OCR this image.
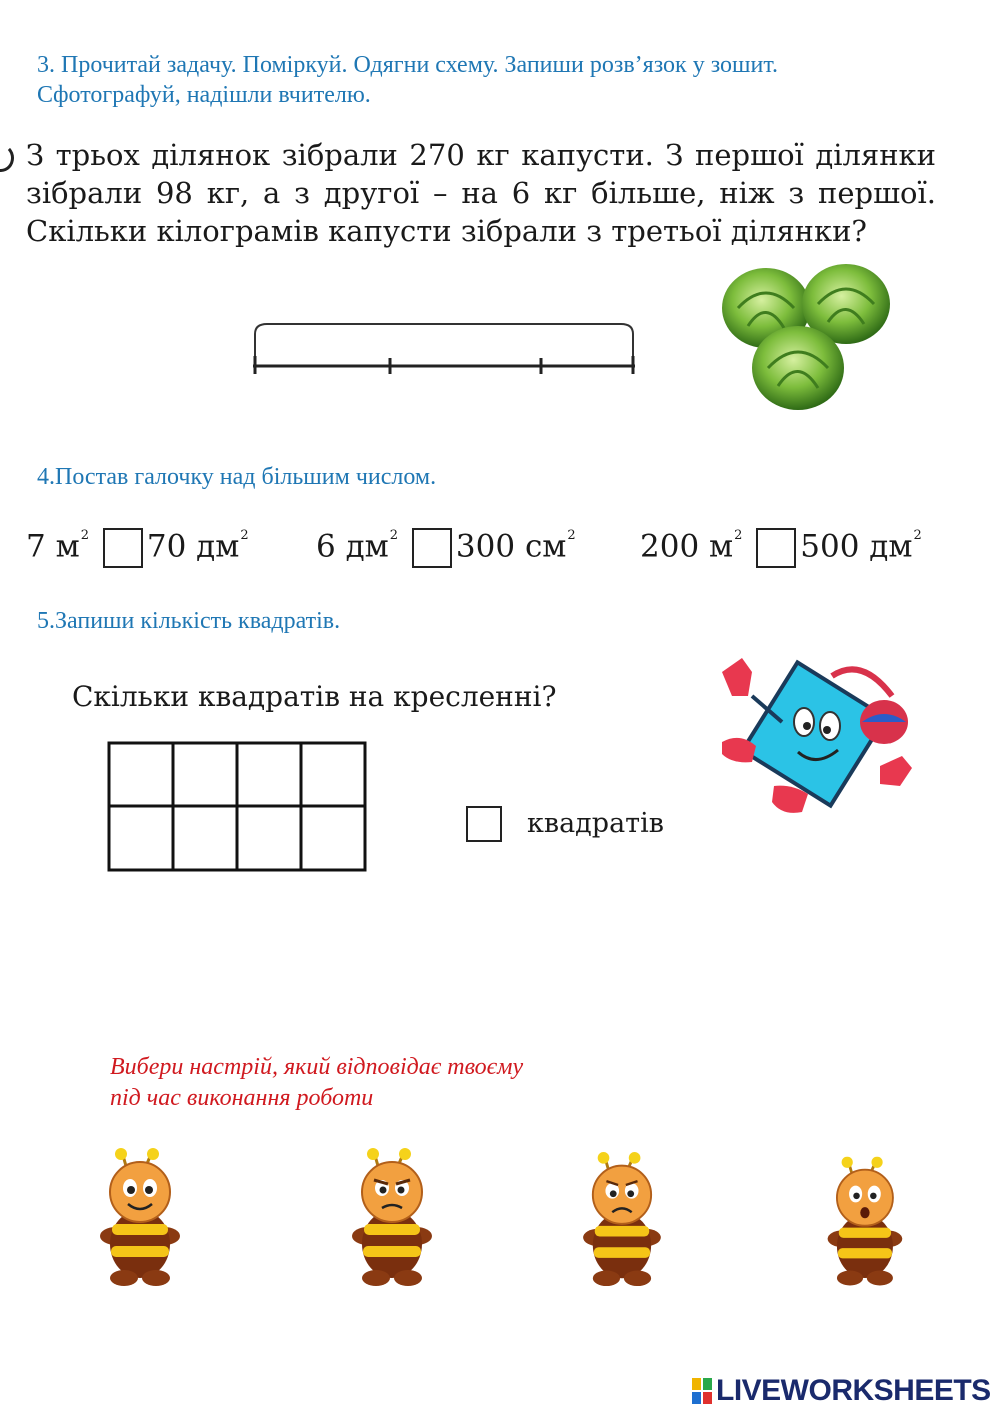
3. Прочитай задачу. Поміркуй. Одягни схему. Запиши розв’язок у зошит.
Сфотографуй, надішли вчителю.
З трьох ділянок зібрали 270 кг капусти. З першої ділянки зібрали 98 кг, а з другої – на 6 кг більше, ніж з першої. Скільки кілограмів капусти зібрали з третьої ділянки?
4.Постав галочку над більшим числом.
7 $м^2$ 70 $дм^2$ 6 $дм^2$ 300 $см^2$ 200 $м^2$ 500 $дм^2$
5.Запиши кількість квадратів.
Скільки квадратів на кресленні?
квадратів
Вибери настрій, який відповідає твоєму
під час виконання роботи
LIVEWORKSHEETS
